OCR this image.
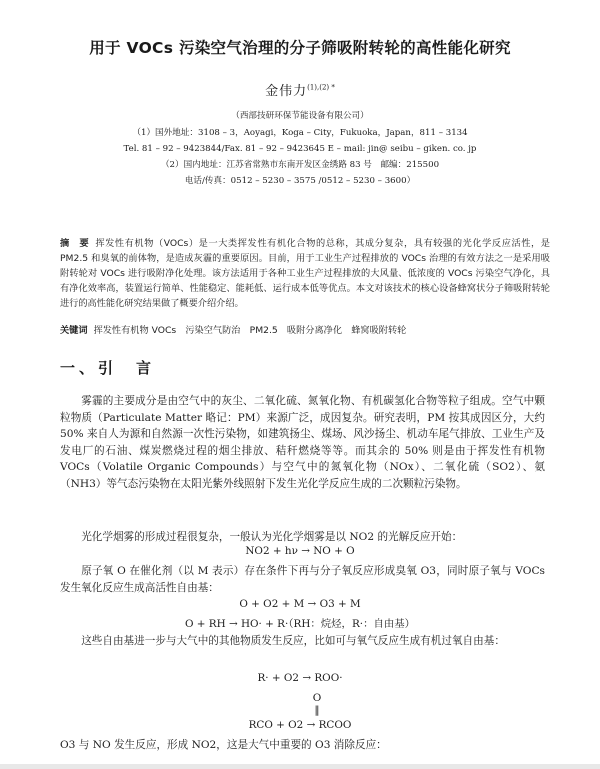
用于 VOCs 污染空气治理的分子筛吸附转轮的高性能化研究
金伟力$^{(1),(2) *}$
（西部技研环保节能设备有限公司）
（1）国外地址：3108 – 3，Aoyagi，Koga – City，Fukuoka，Japan，811 – 3134
Tel. 81 – 92 – 9423844/Fax. 81 – 92 – 9423645 E – mail: jin@ seibu – giken. co. jp
（2）国内地址：江苏省常熟市东南开发区金绣路 83 号　邮编：215500
电话/传真：0512 – 5230 – 3575 /0512 – 5230 – 3600）
摘　要 挥发性有机物（VOCs）是一大类挥发性有机化合物的总称，其成分复杂，具有较强的光化学反应活性，是 PM2.5 和臭氧的前体物，是造成灰霾的重要原因。目前，用于工业生产过程排放的 VOCs 治理的有效方法之一是采用吸附转轮对 VOCs 进行吸附净化处理。该方法适用于各种工业生产过程排放的大风量、低浓度的 VOCs 污染空气净化，具有净化效率高，装置运行简单、性能稳定、能耗低、运行成本低等优点。本文对该技术的核心设备蜂窝状分子筛吸附转轮进行的高性能化研究结果做了概要介绍介绍。
关键词 挥发性有机物 VOCs　污染空气防治　PM2.5　吸附分离净化　蜂窝吸附转轮
一、引　言
雾霾的主要成分是由空气中的灰尘、二氧化硫、氮氧化物、有机碳氢化合物等粒子组成。空气中颗粒物质（Particulate Matter 略记：PM）来源广泛，成因复杂。研究表明，PM 按其成因区分，大约 50% 来自人为源和自然源一次性污染物，如建筑扬尘、煤场、风沙扬尘、机动车尾气排放、工业生产及发电厂的石油、煤炭燃烧过程的烟尘排放、秸秆燃烧等等。而其余的 50% 则是由于挥发性有机物 VOCs（Volatile Organic Compounds）与空气中的氮氧化物（NOx）、二氧化硫（SO2）、氨（NH3）等气态污染物在太阳光紫外线照射下发生光化学反应生成的二次颗粒污染物。
光化学烟雾的形成过程很复杂，一般认为光化学烟雾是以 NO2 的光解反应开始：
NO2 + hν → NO + O
原子氧 O 在催化剂（以 M 表示）存在条件下再与分子氧反应形成臭氧 O3，同时原子氧与 VOCs 发生氧化反应生成高活性自由基：
O + O2 + M → O3 + M
O + RH → HO· + R·（RH：烷烃，R·：自由基）
这些自由基进一步与大气中的其他物质发生反应，比如可与氧气反应生成有机过氧自由基：
R· + O2 → ROO·
O
‖
RCO + O2 → RCOO
O3 与 NO 发生反应，形成 NO2，这是大气中重要的 O3 消除反应：
